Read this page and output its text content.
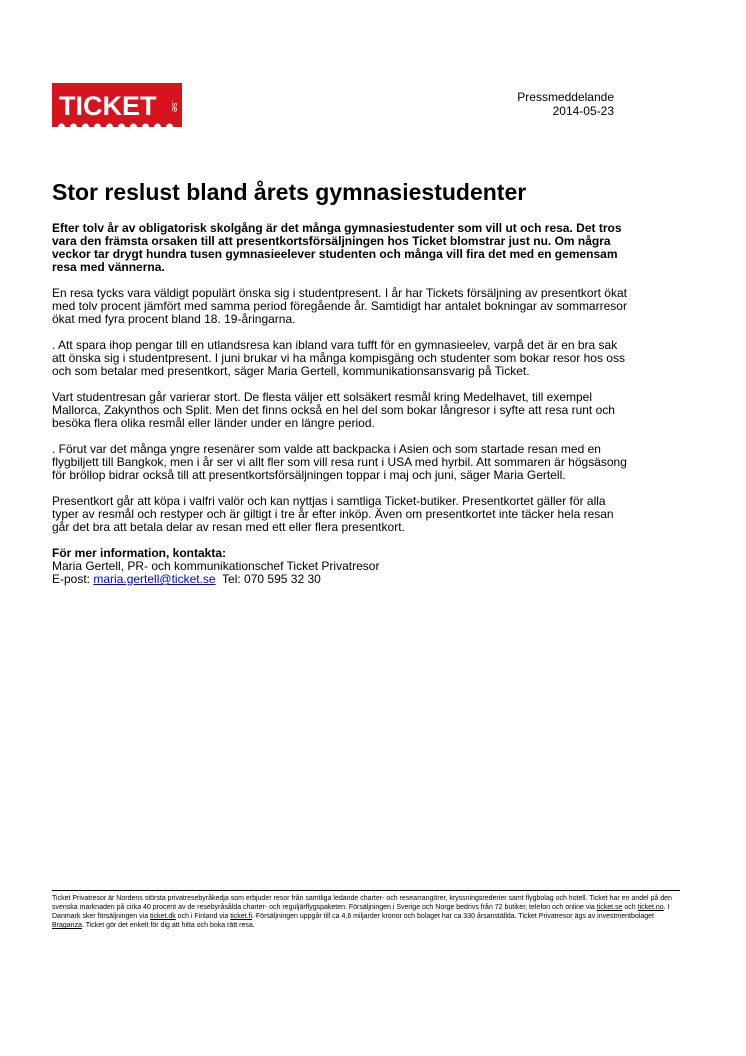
TICKET .se
Pressmeddelande
2014-05-23
Stor reslust bland årets gymnasiestudenter

Efter tolv år av obligatorisk skolgång är det många gymnasiestudenter som vill ut och resa. Det tros vara den främsta orsaken till att presentkortsförsäljningen hos Ticket blomstrar just nu. Om några veckor tar drygt hundra tusen gymnasieelever studenten och många vill fira det med en gemensam resa med vännerna.

En resa tycks vara väldigt populärt önska sig i studentpresent. I år har Tickets försäljning av presentkort ökat med tolv procent jämfört med samma period föregående år. Samtidigt har antalet bokningar av sommarresor ökat med fyra procent bland 18. 19-åringarna.

. Att spara ihop pengar till en utlandsresa kan ibland vara tufft för en gymnasieelev, varpå det är en bra sak att önska sig i studentpresent. I juni brukar vi ha många kompisgäng och studenter som bokar resor hos oss och som betalar med presentkort, säger Maria Gertell, kommunikationsansvarig på Ticket.

Vart studentresan går varierar stort. De flesta väljer ett solsäkert resmål kring Medelhavet, till exempel Mallorca, Zakynthos och Split. Men det finns också en hel del som bokar långresor i syfte att resa runt och besöka flera olika resmål eller länder under en längre period.

. Förut var det många yngre resenärer som valde att backpacka i Asien och som startade resan med en flygbiljett till Bangkok, men i år ser vi allt fler som vill resa runt i USA med hyrbil. Att sommaren är högsäsong för bröllop bidrar också till att presentkortsförsäljningen toppar i maj och juni, säger Maria Gertell.

Presentkort går att köpa i valfri valör och kan nyttjas i samtliga Ticket-butiker. Presentkortet gäller för alla typer av resmål och restyper och är giltigt i tre år efter inköp. Även om presentkortet inte täcker hela resan går det bra att betala delar av resan med ett eller flera presentkort.

För mer information, kontakta:
Maria Gertell, PR- och kommunikationschef Ticket Privatresor
E-post: maria.gertell@ticket.se  Tel: 070 595 32 30
Ticket Privatresor är Nordens största privatresebyråkedja som erbjuder resor från samtliga ledande charter- och researrangörer, kryssningsrederier samt flygbolag och hotell. Ticket har en andel på den svenska marknaden på cirka 40 procent av de resebyråsålda charter- och reguljärflygspaketen. Försäljningen i Sverige och Norge bedrivs från 72 butiker, telefon och online via ticket.se och ticket.no. I Danmark sker försäljningen via ticket.dk och i Finland via ticket.fi. Försäljningen uppgår till ca 4,6 miljarder kronor och bolaget har ca 330 årsanställda. Ticket Privatresor ägs av investmentbolaget Braganza. Ticket gör det enkelt för dig att hitta och boka rätt resa.
